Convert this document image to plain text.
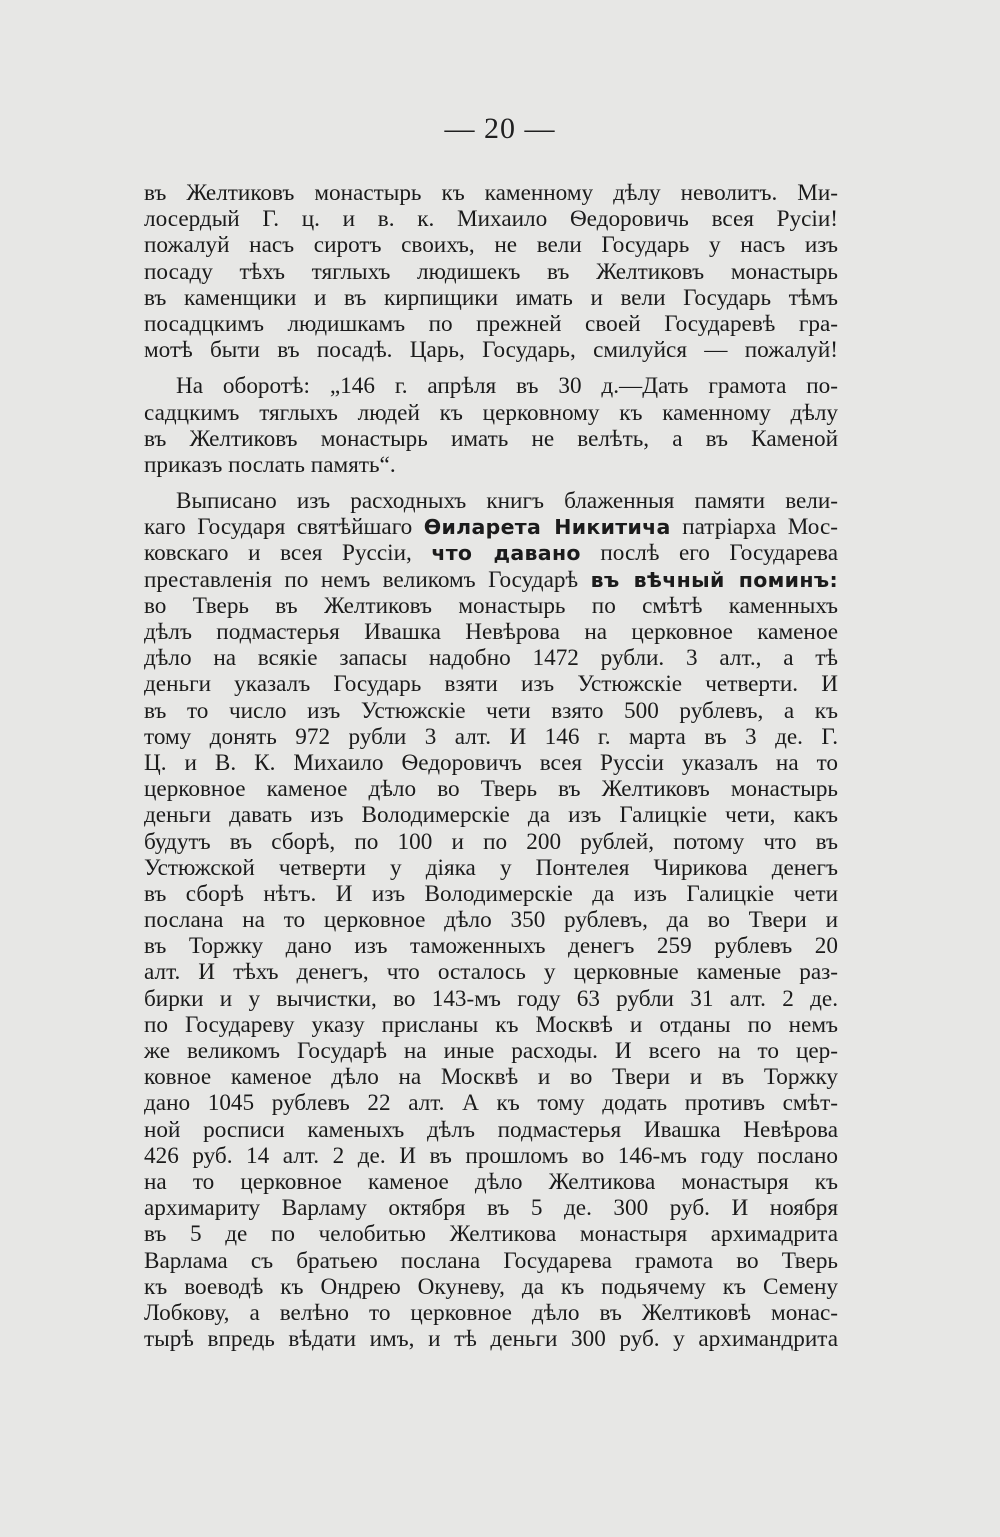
— 20 —
въ Желтиковъ монастырь къ каменному дѣлу неволитъ. Ми-
лосердый Г. ц. и в. к. Михаило Ѳедоровичь всея Русiи!
пожалуй насъ сиротъ своихъ, не вели Государь у насъ изъ
посаду тѣхъ тяглыхъ людишекъ въ Желтиковъ монастырь
въ каменщики и въ кирпищики имать и вели Государь тѣмъ
посадцкимъ людишкамъ по прежней своей Государевѣ гра-
мотѣ быти въ посадѣ. Царь, Государь, смилуйся — пожалуй!
На оборотѣ: „146 г. апрѣля въ 30 д.—Дать грамота по-
садцкимъ тяглыхъ людей къ церковному къ каменному дѣлу
въ Желтиковъ монастырь имать не велѣть, а въ Каменой
приказъ послать память“.
Выписано изъ расходныхъ книгъ блаженныя памяти вели-
каго Государя святѣйшаго Ѳиларета Никитича патрiарха Мос-
ковскаго и всея Руссiи, что давано послѣ его Государева
преставленiя по немъ великомъ Государѣ въ вѣчный поминъ:
во Тверь въ Желтиковъ монастырь по смѣтѣ каменныхъ
дѣлъ подмастерья Ивашка Невѣрова на церковное каменое
дѣло на всякiе запасы надобно 1472 рубли. 3 алт., а тѣ
деньги указалъ Государь взяти изъ Устюжскiе четверти. И
въ то число изъ Устюжскiе чети взято 500 рублевъ, а къ
тому донять 972 рубли 3 алт. И 146 г. марта въ 3 де. Г.
Ц. и В. К. Михаило Ѳедоровичъ всея Руссiи указалъ на то
церковное каменое дѣло во Тверь въ Желтиковъ монастырь
деньги давать изъ Володимерскiе да изъ Галицкiе чети, какъ
будутъ въ сборѣ, по 100 и по 200 рублей, потому что въ
Устюжской четверти у дiяка у Понтелея Чирикова денегъ
въ сборѣ нѣтъ. И изъ Володимерскiе да изъ Галицкiе чети
послана на то церковное дѣло 350 рублевъ, да во Твери и
въ Торжку дано изъ таможенныхъ денегъ 259 рублевъ 20
алт. И тѣхъ денегъ, что осталось у церковные каменые раз-
бирки и у вычистки, во 143-мъ году 63 рубли 31 алт. 2 де.
по Государеву указу присланы къ Москвѣ и отданы по немъ
же великомъ Государѣ на иные расходы. И всего на то цер-
ковное каменое дѣло на Москвѣ и во Твери и въ Торжку
дано 1045 рублевъ 22 алт. А къ тому додать противъ смѣт-
ной росписи каменыхъ дѣлъ подмастерья Ивашка Невѣрова
426 руб. 14 алт. 2 де. И въ прошломъ во 146-мъ году послано
на то церковное каменое дѣло Желтикова монастыря къ
архимариту Варламу октября въ 5 де. 300 руб. И ноября
въ 5 де по челобитью Желтикова монастыря архимадрита
Варлама съ братьею послана Государева грамота во Тверь
къ воеводѣ къ Ондрею Окуневу, да къ подьячему къ Семену
Лобкову, а велѣно то церковное дѣло въ Желтиковѣ монас-
тырѣ впредь вѣдати имъ, и тѣ деньги 300 руб. у архимандрита
